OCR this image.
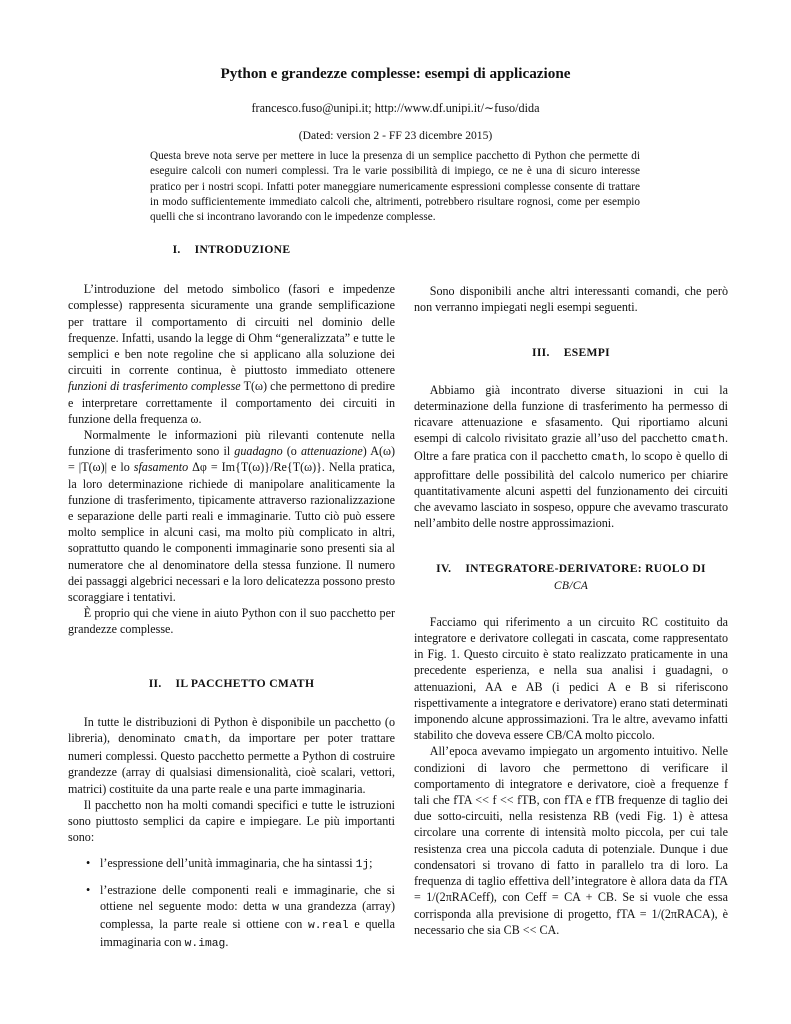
Python e grandezze complesse: esempi di applicazione
francesco.fuso@unipi.it; http://www.df.unipi.it/∼fuso/dida
(Dated: version 2 - FF 23 dicembre 2015)
Questa breve nota serve per mettere in luce la presenza di un semplice pacchetto di Python che permette di eseguire calcoli con numeri complessi. Tra le varie possibilità di impiego, ce ne è una di sicuro interesse pratico per i nostri scopi. Infatti poter maneggiare numericamente espressioni complesse consente di trattare in modo sufficientemente immediato calcoli che, altrimenti, potrebbero risultare rognosi, come per esempio quelli che si incontrano lavorando con le impedenze complesse.
I. INTRODUZIONE

L’introduzione del metodo simbolico (fasori e impedenze complesse) rappresenta sicuramente una grande semplificazione per trattare il comportamento di circuiti nel dominio delle frequenze. Infatti, usando la legge di Ohm “generalizzata” e tutte le semplici e ben note regoline che si applicano alla soluzione dei circuiti in corrente continua, è piuttosto immediato ottenere funzioni di trasferimento complesse T(ω) che permettono di predire e interpretare correttamente il comportamento dei circuiti in funzione della frequenza ω.

Normalmente le informazioni più rilevanti contenute nella funzione di trasferimento sono il guadagno (o attenuazione) A(ω) = |T(ω)| e lo sfasamento Δφ = Im{T(ω)}/Re{T(ω)}. Nella pratica, la loro determinazione richiede di manipolare analiticamente la funzione di trasferimento, tipicamente attraverso razionalizzazione e separazione delle parti reali e immaginarie. Tutto ciò può essere molto semplice in alcuni casi, ma molto più complicato in altri, soprattutto quando le componenti immaginarie sono presenti sia al numeratore che al denominatore della stessa funzione. Il numero dei passaggi algebrici necessari e la loro delicatezza possono presto scoraggiare i tentativi.

È proprio qui che viene in aiuto Python con il suo pacchetto per grandezze complesse.

II. IL PACCHETTO CMATH

In tutte le distribuzioni di Python è disponibile un pacchetto (o libreria), denominato cmath, da importare per poter trattare numeri complessi. Questo pacchetto permette a Python di costruire grandezze (array di qualsiasi dimensionalità, cioè scalari, vettori, matrici) costituite da una parte reale e una parte immaginaria.

Il pacchetto non ha molti comandi specifici e tutte le istruzioni sono piuttosto semplici da capire e impiegare. Le più importanti sono:

• l’espressione dell’unità immaginaria, che ha sintassi 1j;
• l’estrazione delle componenti reali e immaginarie, che si ottiene nel seguente modo: detta w una grandezza (array) complessa, la parte reale si ottiene con w.real e quella immaginaria con w.imag.

Sono disponibili anche altri interessanti comandi, che però non verranno impiegati negli esempi seguenti.

III. ESEMPI

Abbiamo già incontrato diverse situazioni in cui la determinazione della funzione di trasferimento ha permesso di ricavare attenuazione e sfasamento. Qui riportiamo alcuni esempi di calcolo rivisitato grazie all’uso del pacchetto cmath. Oltre a fare pratica con il pacchetto cmath, lo scopo è quello di approfittare delle possibilità del calcolo numerico per chiarire quantitativamente alcuni aspetti del funzionamento dei circuiti che avevamo lasciato in sospeso, oppure che avevamo trascurato nell’ambito delle nostre approssimazioni.

IV. INTEGRATORE-DERIVATORE: RUOLO DI
CB/CA

Facciamo qui riferimento a un circuito RC costituito da integratore e derivatore collegati in cascata, come rappresentato in Fig. 1. Questo circuito è stato realizzato praticamente in una precedente esperienza, e nella sua analisi i guadagni, o attenuazioni, AA e AB (i pedici A e B si riferiscono rispettivamente a integratore e derivatore) erano stati determinati imponendo alcune approssimazioni. Tra le altre, avevamo infatti stabilito che doveva essere CB/CA molto piccolo.

All’epoca avevamo impiegato un argomento intuitivo. Nelle condizioni di lavoro che permettono di verificare il comportamento di integratore e derivatore, cioè a frequenze f tali che fTA << f << fTB, con fTA e fTB frequenze di taglio dei due sotto-circuiti, nella resistenza RB (vedi Fig. 1) è attesa circolare una corrente di intensità molto piccola, per cui tale resistenza crea una piccola caduta di potenziale. Dunque i due condensatori si trovano di fatto in parallelo tra di loro. La frequenza di taglio effettiva dell’integratore è allora data da fTA = 1/(2πRACeff), con Ceff = CA + CB. Se si vuole che essa corrisponda alla previsione di progetto, fTA = 1/(2πRACA), è necessario che sia CB << CA.
